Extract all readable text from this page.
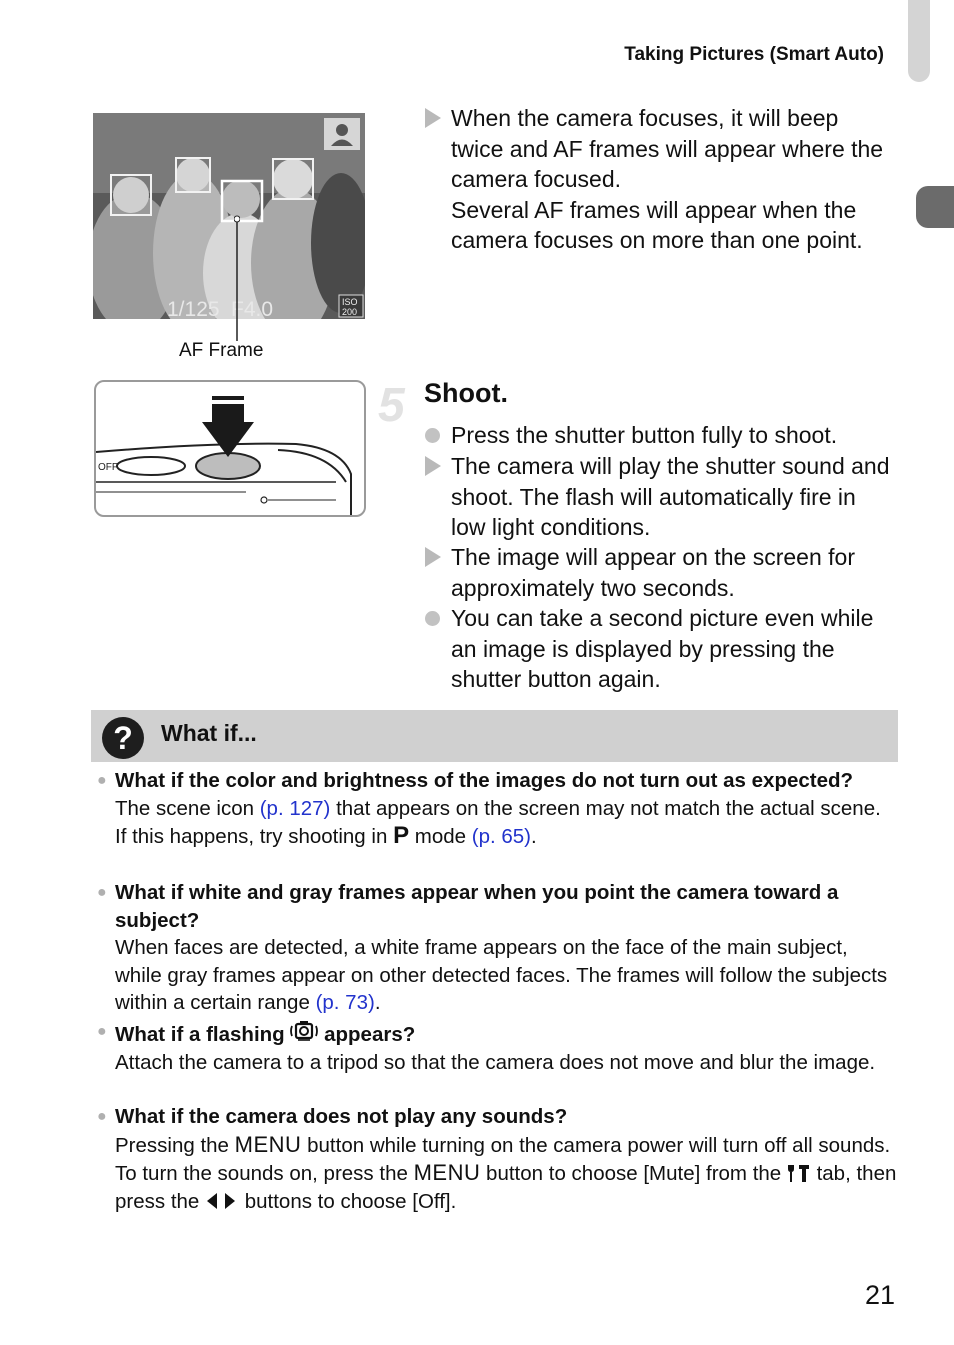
Taking Pictures (Smart Auto)
1/125 F4.0	ISO
200
AF Frame
When the camera focuses, it will beep
twice and AF frames will appear where the
camera focused.
Several AF frames will appear when the
camera focuses on more than one point.
OFF
5 Shoot.
Press the shutter button fully to shoot.
The camera will play the shutter sound and
shoot. The flash will automatically fire in
low light conditions.
The image will appear on the screen for
approximately two seconds.
You can take a second picture even while
an image is displayed by pressing the
shutter button again.
?	What if...
● What if the color and brightness of the images do not turn out as expected?
The scene icon (p. 127) that appears on the screen may not match the actual scene. If this happens, try shooting in P mode (p. 65).
● What if white and gray frames appear when you point the camera toward a subject?
When faces are detected, a white frame appears on the face of the main subject, while gray frames appear on other detected faces. The frames will follow the subjects within a certain range (p. 73).
● What if a flashing  appears?
Attach the camera to a tripod so that the camera does not move and blur the image.
● What if the camera does not play any sounds?
Pressing the MENU button while turning on the camera power will turn off all sounds. To turn the sounds on, press the MENU button to choose [Mute] from the  tab, then press the  buttons to choose [Off].
21
